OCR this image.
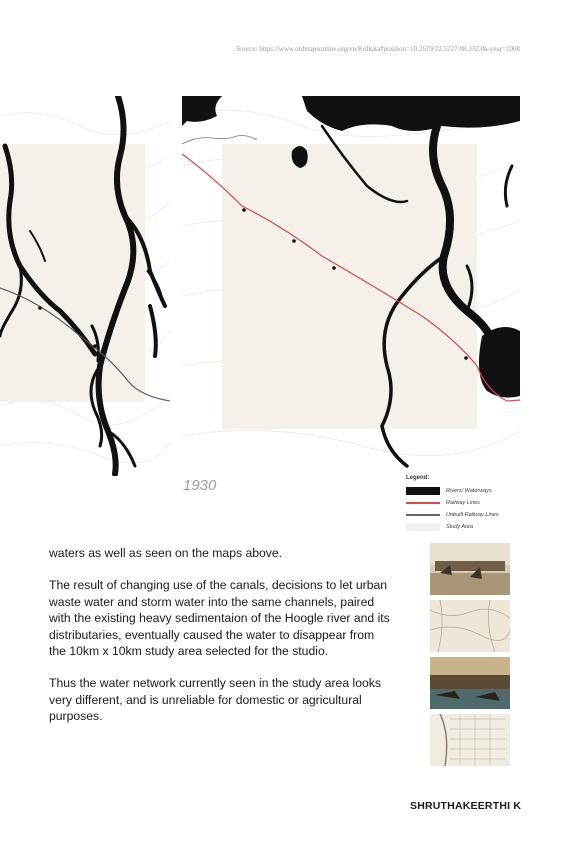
Source: https://www.oldmapsonline.org/en/Kolkata#position=10.2619/22.5227/88.3323&-year=1908
1930	Legend:
Rivers/ Waterways
Railway Lines
Unbuilt Railway Lines
Study Area

waters as well as seen on the maps above.

The result of changing use of the canals, decisions to let urban waste water and storm water into the same channels, paired with the existing heavy sedimentaion of the Hoogle river and its distributaries, eventually caused the water to disappear from the 10km x 10km study area selected for the studio.

Thus the water network currently seen in the study area looks very different, and is unreliable for domestic or agricultural purposes.

SHRUTHAKEERTHI K
